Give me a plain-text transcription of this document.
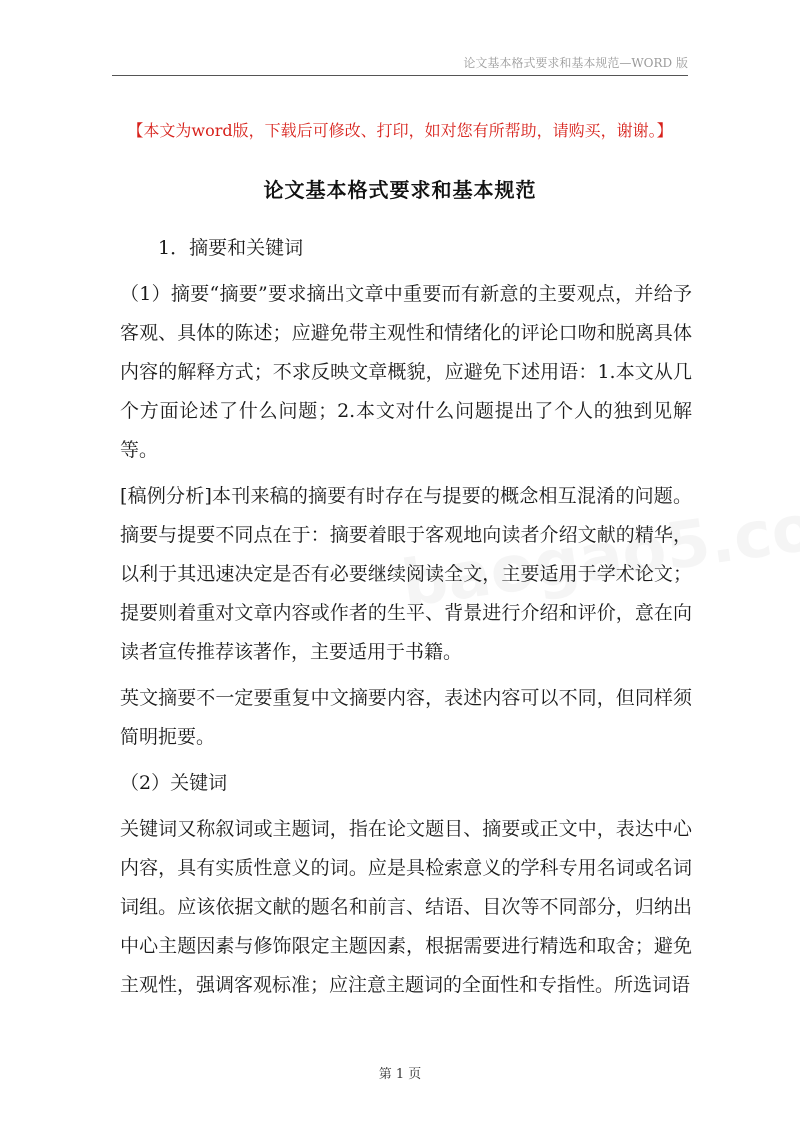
论文基本格式要求和基本规范—WORD 版
【本文为word版，下载后可修改、打印，如对您有所帮助，请购买，谢谢。】
论文基本格式要求和基本规范

1．摘要和关键词

（1）摘要“摘要”要求摘出文章中重要而有新意的主要观点，并给予客观、具体的陈述；应避免带主观性和情绪化的评论口吻和脱离具体内容的解释方式；不求反映文章概貌，应避免下述用语：1.本文从几个方面论述了什么问题；2.本文对什么问题提出了个人的独到见解等。

[稿例分析]本刊来稿的摘要有时存在与提要的概念相互混淆的问题。摘要与提要不同点在于：摘要着眼于客观地向读者介绍文献的精华，以利于其迅速决定是否有必要继续阅读全文，主要适用于学术论文；提要则着重对文章内容或作者的生平、背景进行介绍和评价，意在向读者宣传推荐该著作，主要适用于书籍。

英文摘要不一定要重复中文摘要内容，表述内容可以不同，但同样须简明扼要。

（2）关键词

关键词又称叙词或主题词，指在论文题目、摘要或正文中，表达中心内容，具有实质性意义的词。应是具检索意义的学科专用名词或名词词组。应该依据文献的题名和前言、结语、目次等不同部分，归纳出中心主题因素与修饰限定主题因素，根据需要进行精选和取舍；避免主观性，强调客观标准；应注意主题词的全面性和专指性。所选词语

第 1 页
